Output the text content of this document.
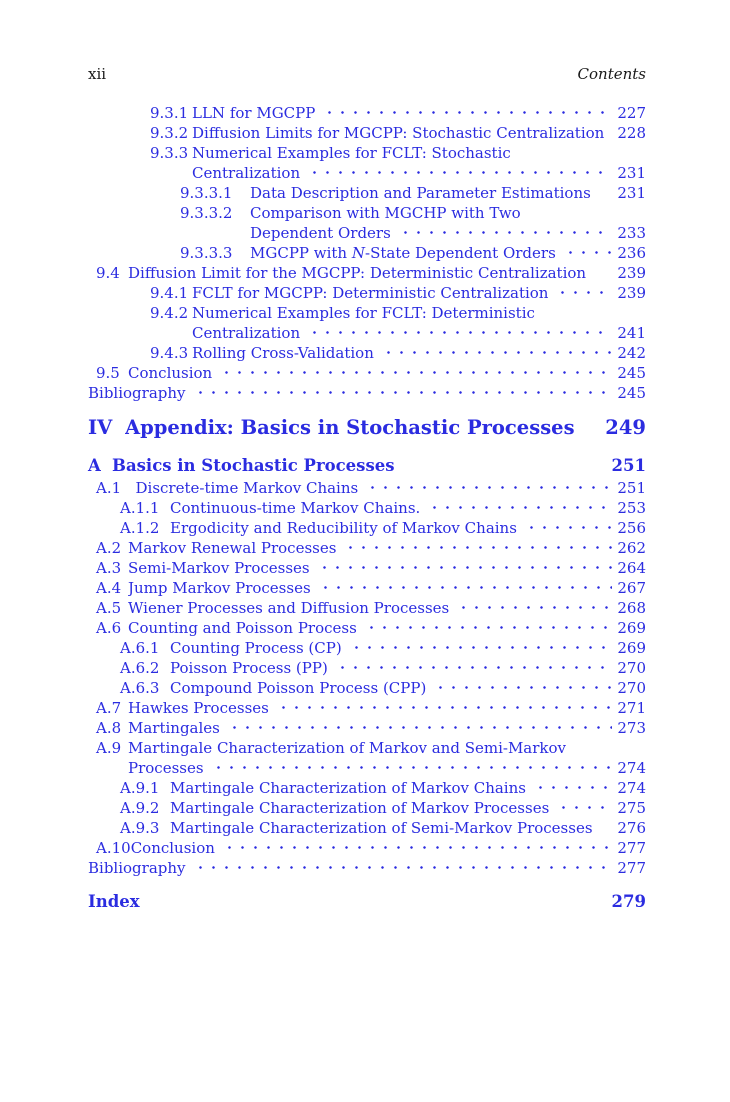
xii	Contents
9.3.1 LLN for MGCPP	227
9.3.2 Diffusion Limits for MGCPP: Stochastic Centralization 228
9.3.3 Numerical Examples for FCLT: Stochastic
Centralization	231
9.3.3.1	Data Description and Parameter Estimations 231
9.3.3.2	Comparison with MGCHP with Two
Dependent Orders	233
9.3.3.3	MGCPP with N-State Dependent Orders	236
9.4 Diffusion Limit for the MGCPP: Deterministic Centralization 239
9.4.1 FCLT for MGCPP: Deterministic Centralization	239
9.4.2 Numerical Examples for FCLT: Deterministic
Centralization	241
9.4.3 Rolling Cross-Validation	242
9.5 Conclusion	245
Bibliography	245
IV Appendix: Basics in Stochastic Processes 249
A Basics in Stochastic Processes	251
A.1  Discrete-time Markov Chains	251
A.1.1 Continuous-time Markov Chains.	253
A.1.2 Ergodicity and Reducibility of Markov Chains	256
A.2 Markov Renewal Processes	262
A.3 Semi-Markov Processes	264
A.4 Jump Markov Processes	267
A.5 Wiener Processes and Diffusion Processes	268
A.6 Counting and Poisson Process	269
A.6.1 Counting Process (CP)	269
A.6.2 Poisson Process (PP)	270
A.6.3 Compound Poisson Process (CPP)	270
A.7 Hawkes Processes	271
A.8 Martingales	273
A.9 Martingale Characterization of Markov and Semi-Markov
Processes	274
A.9.1 Martingale Characterization of Markov Chains	274
A.9.2 Martingale Characterization of Markov Processes	275
A.9.3 Martingale Characterization of Semi-Markov Processes 276
A.10 Conclusion	277
Bibliography	277
Index	279
